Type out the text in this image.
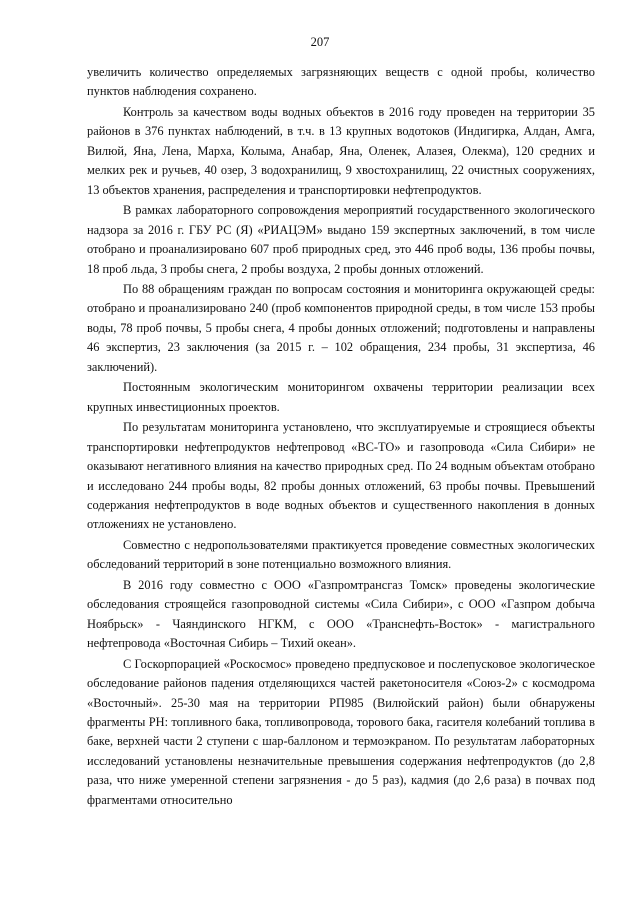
207

увеличить количество определяемых загрязняющих веществ с одной пробы, количество пунктов наблюдения сохранено.

Контроль за качеством воды водных объектов в 2016 году проведен на территории 35 районов в 376 пунктах наблюдений, в т.ч. в 13 крупных водотоков (Индигирка, Алдан, Амга, Вилюй, Яна, Лена, Марха, Колыма, Анабар, Яна, Оленек, Алазея, Олекма), 120 средних и мелких рек и ручьев, 40 озер, 3 водохранилищ, 9 хвостохранилищ, 22 очистных сооружениях, 13 объектов хранения, распределения и транспортировки нефтепродуктов.

В рамках лабораторного сопровождения мероприятий государственного экологического надзора за 2016 г. ГБУ РС (Я) «РИАЦЭМ» выдано 159 экспертных заключений, в том числе отобрано и проанализировано 607 проб природных сред, это 446 проб воды, 136 пробы почвы, 18 проб льда, 3 пробы снега, 2 пробы воздуха, 2 пробы донных отложений.

По 88 обращениям граждан по вопросам состояния и мониторинга окружающей среды: отобрано и проанализировано 240 (проб компонентов природной среды, в том числе 153 пробы воды, 78 проб почвы, 5 пробы снега, 4 пробы донных отложений; подготовлены и направлены 46 экспертиз, 23 заключения (за 2015 г. – 102 обращения, 234 пробы, 31 экспертиза, 46 заключений).

Постоянным экологическим мониторингом охвачены территории реализации всех крупных инвестиционных проектов.

По результатам мониторинга установлено, что эксплуатируемые и строящиеся объекты транспортировки нефтепродуктов нефтепровод «ВС-ТО» и газопровода «Сила Сибири» не оказывают негативного влияния на качество природных сред. По 24 водным объектам отобрано и исследовано 244 пробы воды, 82 пробы донных отложений, 63 пробы почвы. Превышений содержания нефтепродуктов в воде водных объектов и существенного накопления в донных отложениях не установлено.

Совместно с недропользователями практикуется проведение совместных экологических обследований территорий в зоне потенциально возможного влияния.

В 2016 году совместно с ООО «Газпромтрансгаз Томск» проведены экологические обследования строящейся газопроводной системы «Сила Сибири», с ООО «Газпром добыча Ноябрьск» - Чаяндинского НГКМ, с ООО «Транснефть-Восток» - магистрального нефтепровода «Восточная Сибирь – Тихий океан».

С Госкорпорацией «Роскосмос» проведено предпусковое и послепусковое экологическое обследование районов падения отделяющихся частей ракетоносителя «Союз-2» с космодрома «Восточный». 25-30 мая на территории РП985 (Вилюйский район) были обнаружены фрагменты РН: топливного бака, топливопровода, торового бака, гасителя колебаний топлива в баке, верхней части 2 ступени с шар-баллоном и термоэкраном. По результатам лабораторных исследований установлены незначительные превышения содержания нефтепродуктов (до 2,8 раза, что ниже умеренной степени загрязнения - до 5 раз), кадмия (до 2,6 раза) в почвах под фрагментами относительно
